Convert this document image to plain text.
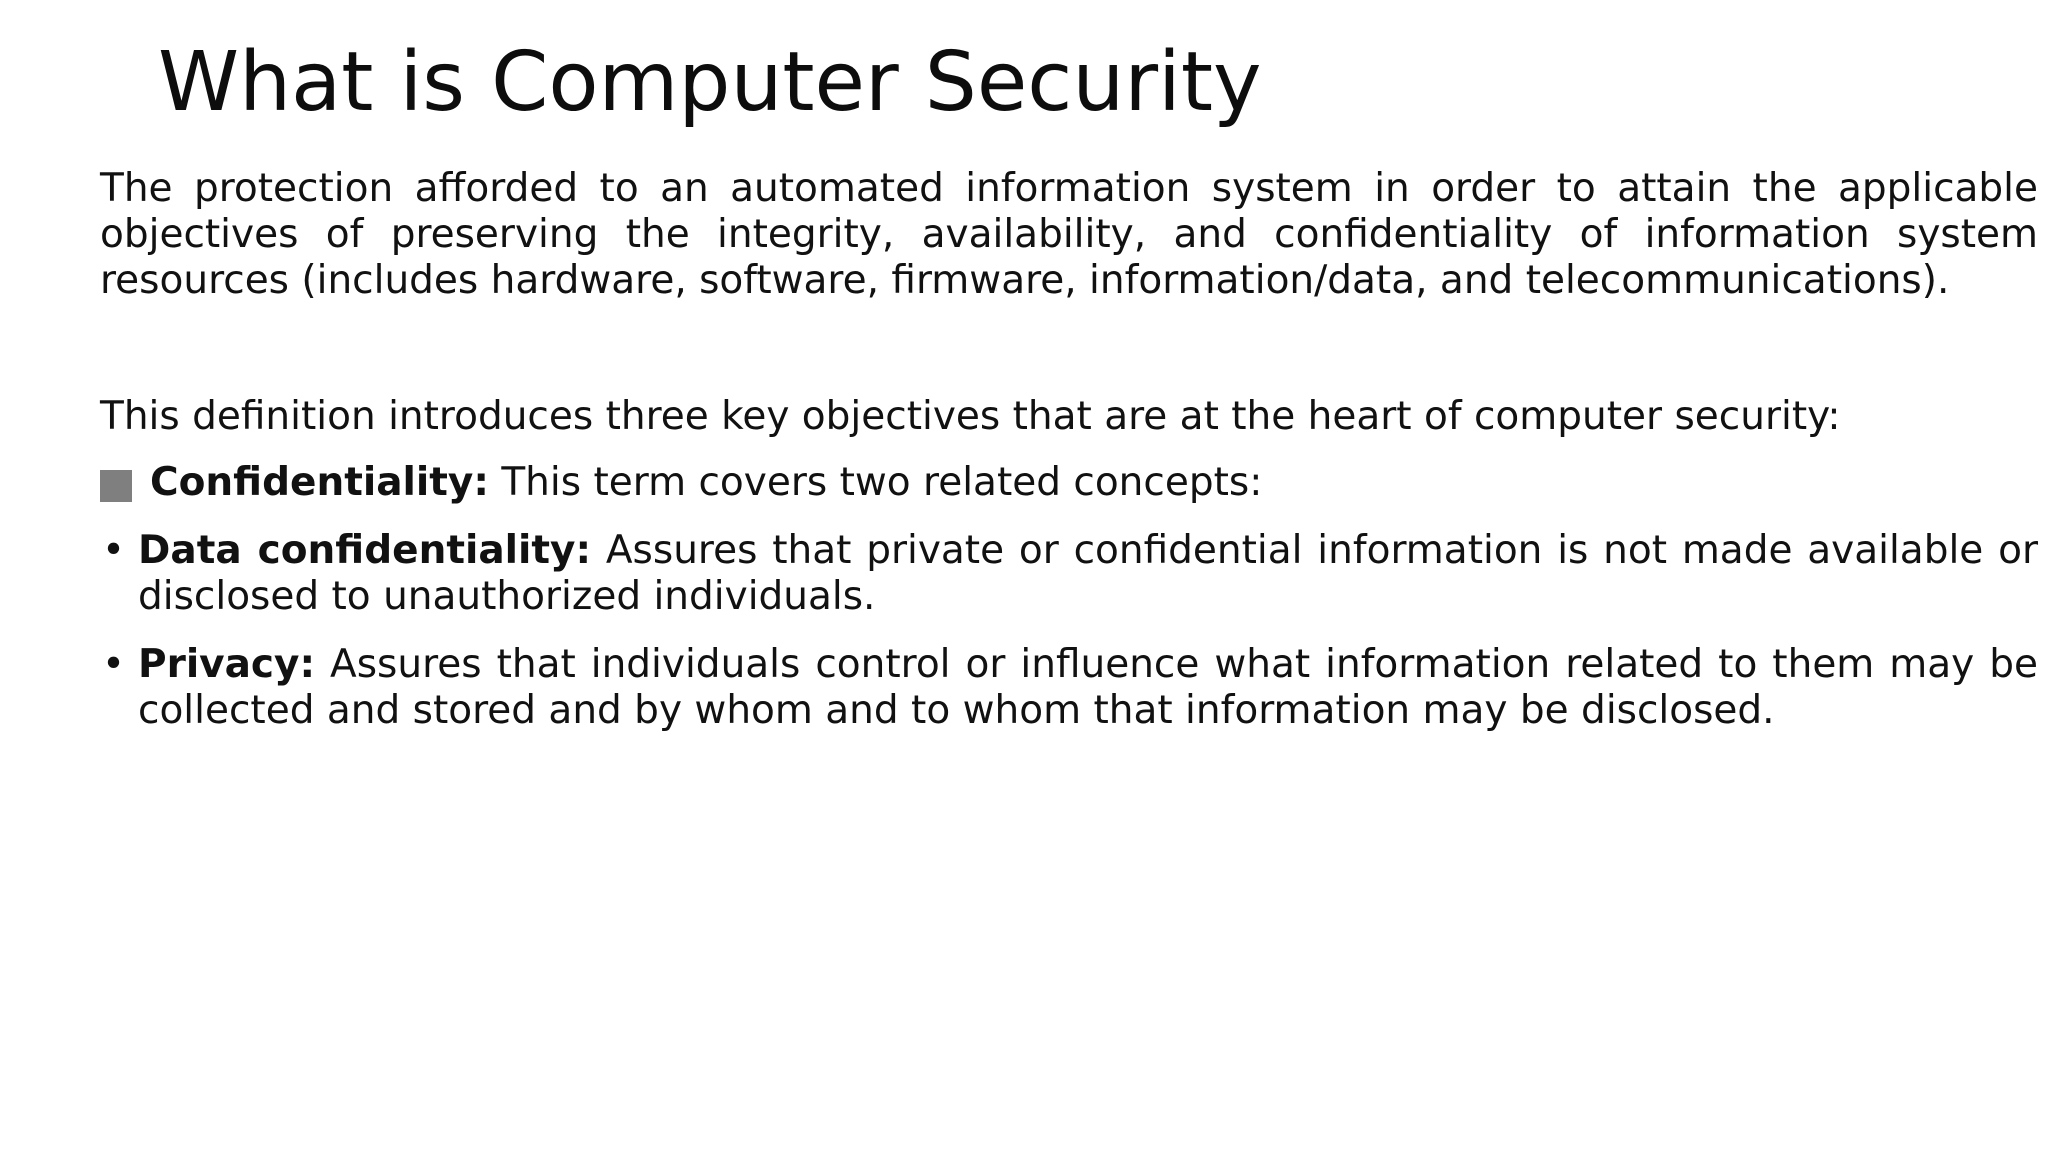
What is Computer Security

The protection afforded to an automated information system in order to attain the applicable objectives of preserving the integrity, availability, and confidentiality of information system resources (includes hardware, software, firmware, information/data, and telecommunications).

This definition introduces three key objectives that are at the heart of computer security:

Confidentiality: This term covers two related concepts:

• Data confidentiality: Assures that private or confidential information is not made available or disclosed to unauthorized individuals.
• Privacy: Assures that individuals control or influence what information related to them may be collected and stored and by whom and to whom that information may be disclosed.
